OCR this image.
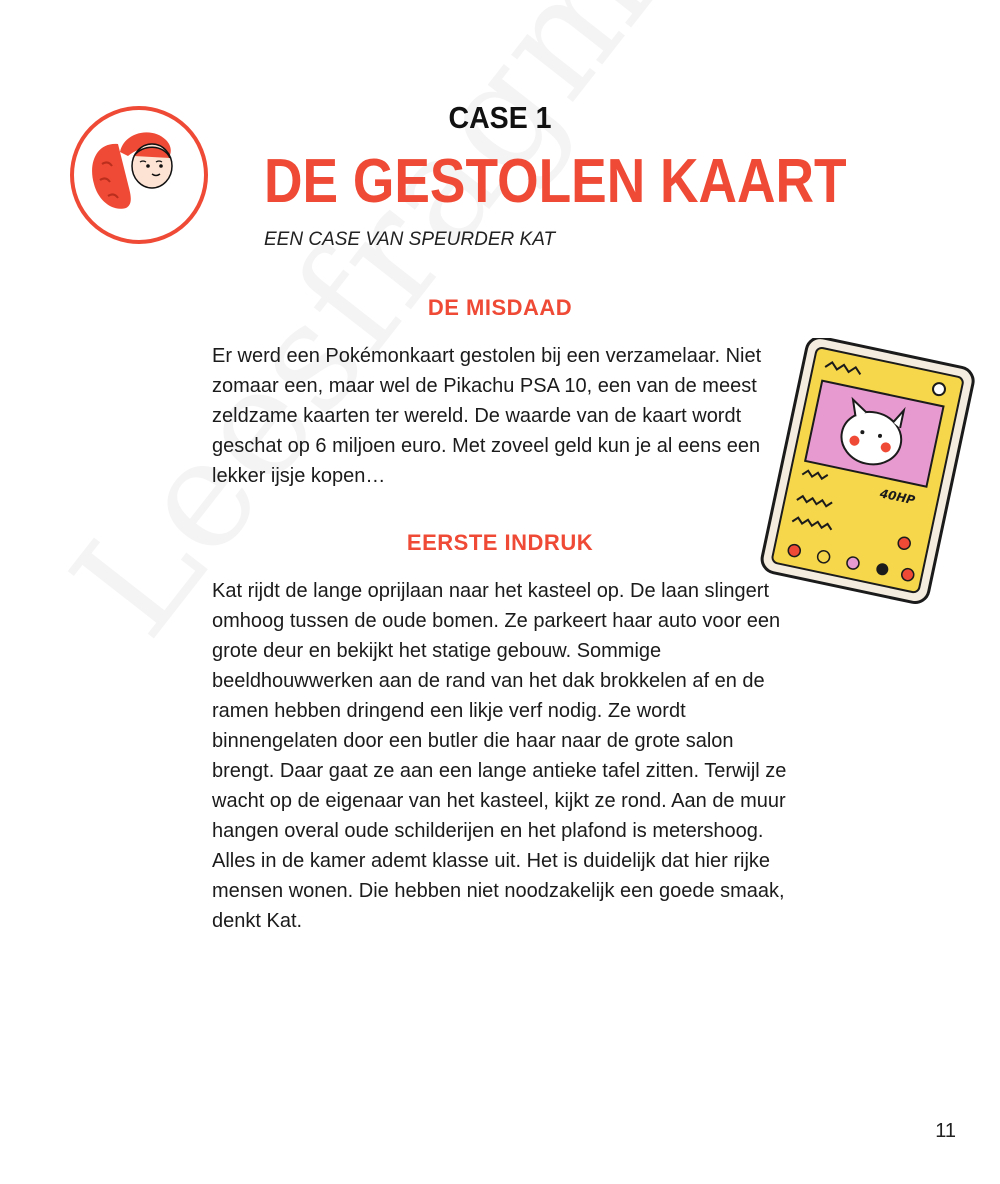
CASE 1
DE GESTOLEN KAART
EEN CASE VAN SPEURDER KAT
DE MISDAAD

Er werd een Pokémonkaart gestolen bij een verzamelaar. Niet zomaar een, maar wel de Pikachu PSA 10, een van de meest zeldzame kaarten ter wereld. De waarde van de kaart wordt geschat op 6 miljoen euro. Met zoveel geld kun je al eens een lekker ijsje kopen…

EERSTE INDRUK

Kat rijdt de lange oprijlaan naar het kasteel op. De laan slingert omhoog tussen de oude bomen. Ze parkeert haar auto voor een grote deur en bekijkt het statige gebouw. Sommige beeldhouwwerken aan de rand van het dak brokkelen af en de ramen hebben dringend een likje verf nodig. Ze wordt binnengelaten door een butler die haar naar de grote salon brengt. Daar gaat ze aan een lange antieke tafel zitten. Terwijl ze wacht op de eigenaar van het kasteel, kijkt ze rond. Aan de muur hangen overal oude schilderijen en het plafond is metershoog. Alles in de kamer ademt klasse uit. Het is duidelijk dat hier rijke mensen wonen. Die hebben niet noodzakelijk een goede smaak, denkt Kat.

40HP
11
